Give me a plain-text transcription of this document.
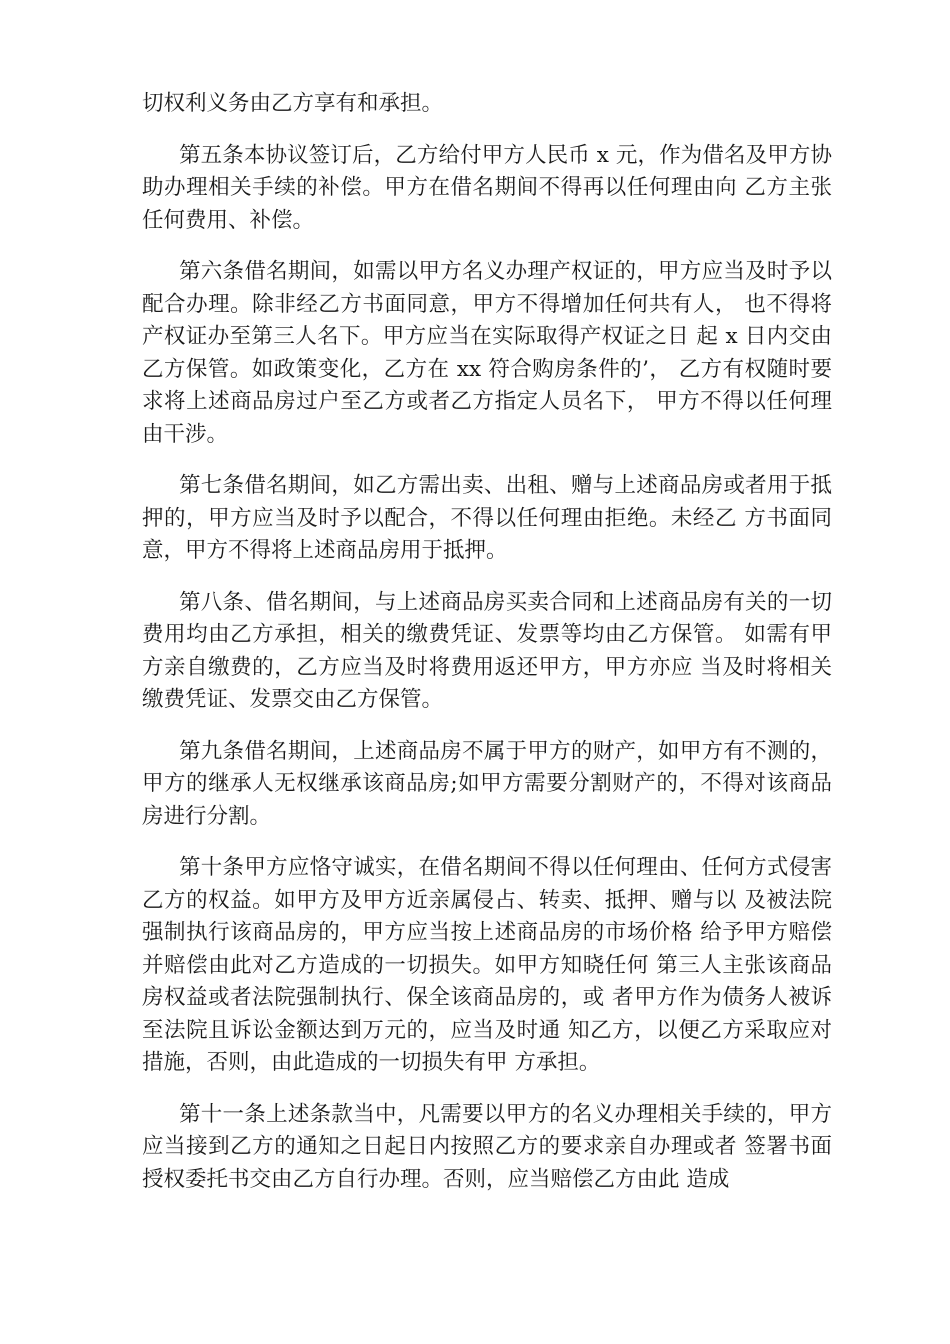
切权利义务由乙方享有和承担。

第五条本协议签订后，乙方给付甲方人民币 x 元，作为借名及甲方协助办理相关手续的补偿。甲方在借名期间不得再以任何理由向 乙方主张任何费用、补偿。

第六条借名期间，如需以甲方名义办理产权证的，甲方应当及时予以配合办理。除非经乙方书面同意，甲方不得增加任何共有人， 也不得将产权证办至第三人名下。甲方应当在实际取得产权证之日 起 x 日内交由乙方保管。如政策变化，乙方在 xx 符合购房条件的’， 乙方有权随时要求将上述商品房过户至乙方或者乙方指定人员名下， 甲方不得以任何理由干涉。

第七条借名期间，如乙方需出卖、出租、赠与上述商品房或者用于抵押的，甲方应当及时予以配合，不得以任何理由拒绝。未经乙 方书面同意，甲方不得将上述商品房用于抵押。

第八条、借名期间，与上述商品房买卖合同和上述商品房有关的一切费用均由乙方承担，相关的缴费凭证、发票等均由乙方保管。 如需有甲方亲自缴费的，乙方应当及时将费用返还甲方，甲方亦应 当及时将相关缴费凭证、发票交由乙方保管。

第九条借名期间，上述商品房不属于甲方的财产，如甲方有不测的，甲方的继承人无权继承该商品房;如甲方需要分割财产的，不得对该商品房进行分割。

第十条甲方应恪守诚实，在借名期间不得以任何理由、任何方式侵害乙方的权益。如甲方及甲方近亲属侵占、转卖、抵押、赠与以 及被法院强制执行该商品房的，甲方应当按上述商品房的市场价格 给予甲方赔偿并赔偿由此对乙方造成的一切损失。如甲方知晓任何 第三人主张该商品房权益或者法院强制执行、保全该商品房的，或 者甲方作为债务人被诉至法院且诉讼金额达到万元的，应当及时通 知乙方，以便乙方采取应对措施，否则，由此造成的一切损失有甲 方承担。

第十一条上述条款当中，凡需要以甲方的名义办理相关手续的，甲方应当接到乙方的通知之日起日内按照乙方的要求亲自办理或者 签署书面授权委托书交由乙方自行办理。否则，应当赔偿乙方由此 造成
